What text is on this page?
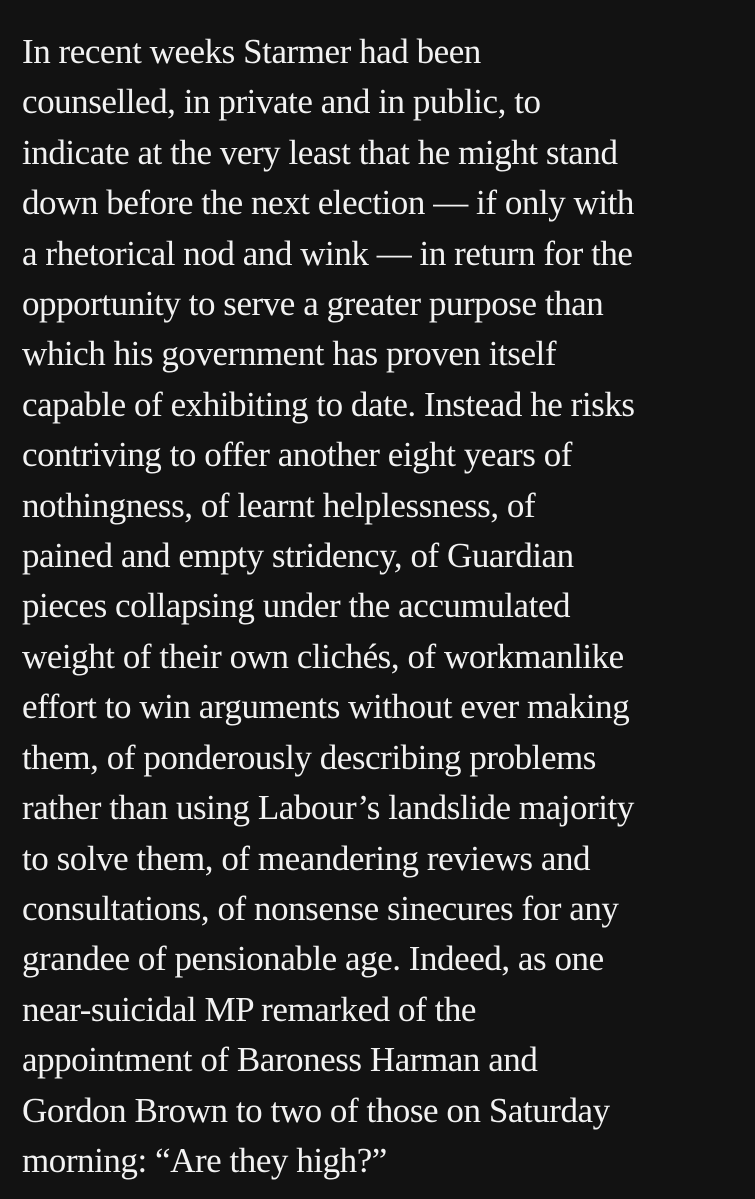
In recent weeks Starmer had been
counselled, in private and in public, to
indicate at the very least that he might stand
down before the next election — if only with
a rhetorical nod and wink — in return for the
opportunity to serve a greater purpose than
which his government has proven itself
capable of exhibiting to date. Instead he risks
contriving to offer another eight years of
nothingness, of learnt helplessness, of
pained and empty stridency, of Guardian
pieces collapsing under the accumulated
weight of their own clichés, of workmanlike
effort to win arguments without ever making
them, of ponderously describing problems
rather than using Labour’s landslide majority
to solve them, of meandering reviews and
consultations, of nonsense sinecures for any
grandee of pensionable age. Indeed, as one
near-suicidal MP remarked of the
appointment of Baroness Harman and
Gordon Brown to two of those on Saturday
morning: “Are they high?”
